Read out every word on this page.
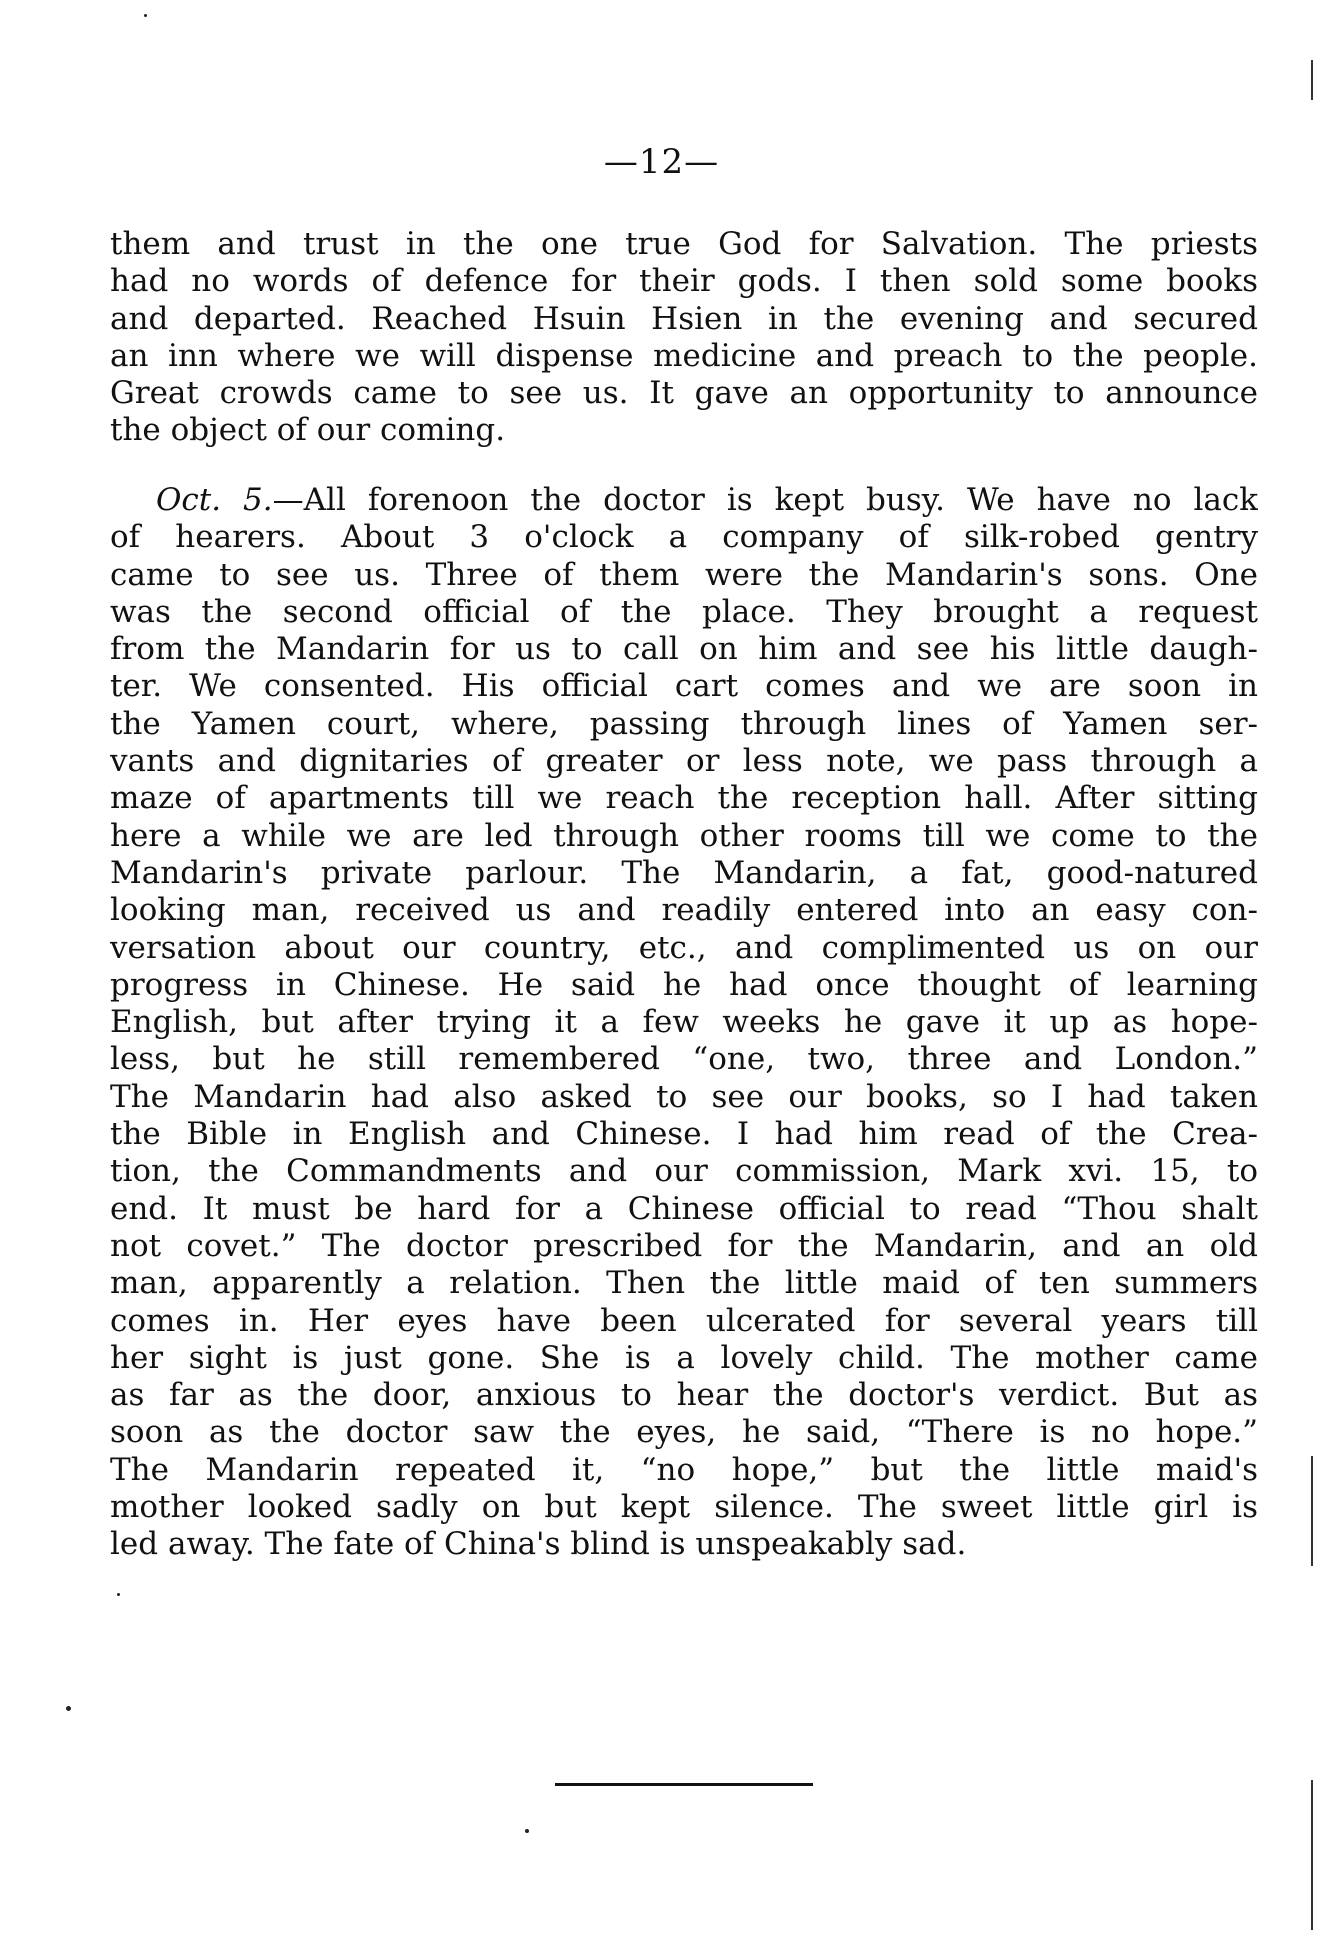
—12—
them and trust in the one true God for Salvation. The priests
had no words of defence for their gods. I then sold some books
and departed. Reached Hsuin Hsien in the evening and secured
an inn where we will dispense medicine and preach to the people.
Great crowds came to see us. It gave an opportunity to announce
the object of our coming.
Oct. 5.—All forenoon the doctor is kept busy. We have no lack
of hearers. About 3 o'clock a company of silk-robed gentry
came to see us. Three of them were the Mandarin's sons. One
was the second official of the place. They brought a request
from the Mandarin for us to call on him and see his little daugh-
ter. We consented. His official cart comes and we are soon in
the Yamen court, where, passing through lines of Yamen ser-
vants and dignitaries of greater or less note, we pass through a
maze of apartments till we reach the reception hall. After sitting
here a while we are led through other rooms till we come to the
Mandarin's private parlour. The Mandarin, a fat, good-natured
looking man, received us and readily entered into an easy con-
versation about our country, etc., and complimented us on our
progress in Chinese. He said he had once thought of learning
English, but after trying it a few weeks he gave it up as hope-
less, but he still remembered “one, two, three and London.”
The Mandarin had also asked to see our books, so I had taken
the Bible in English and Chinese. I had him read of the Crea-
tion, the Commandments and our commission, Mark xvi. 15, to
end. It must be hard for a Chinese official to read “Thou shalt
not covet.” The doctor prescribed for the Mandarin, and an old
man, apparently a relation. Then the little maid of ten summers
comes in. Her eyes have been ulcerated for several years till
her sight is just gone. She is a lovely child. The mother came
as far as the door, anxious to hear the doctor's verdict. But as
soon as the doctor saw the eyes, he said, “There is no hope.”
The Mandarin repeated it, “no hope,” but the little maid's
mother looked sadly on but kept silence. The sweet little girl is
led away. The fate of China's blind is unspeakably sad.
